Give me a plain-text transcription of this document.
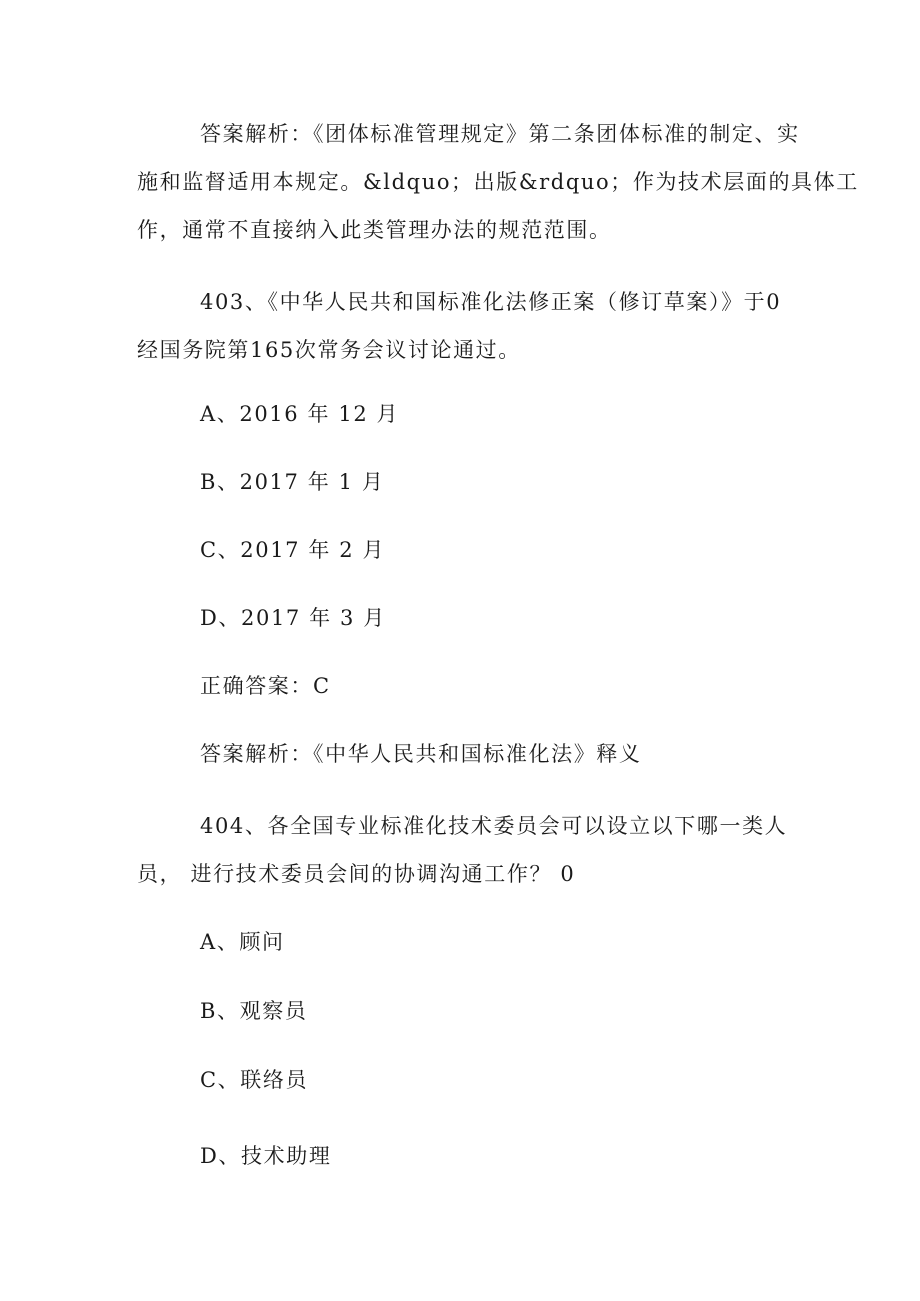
答案解析：《团体标准管理规定》第二条团体标准的制定、实
施和监督适用本规定。&ldquo；出版&rdquo；作为技术层面的具体工
作，通常不直接纳入此类管理办法的规范范围。
403、《中华人民共和国标准化法修正案（修订草案）》于0
经国务院第165次常务会议讨论通过。
A、2016 年 12 月
B、2017 年 1 月
C、2017 年 2 月
D、2017 年 3 月
正确答案：C
答案解析：《中华人民共和国标准化法》释义
404、各全国专业标准化技术委员会可以设立以下哪一类人
员， 进行技术委员会间的协调沟通工作？ 0
A、顾问
B、观察员
C、联络员
D、技术助理
